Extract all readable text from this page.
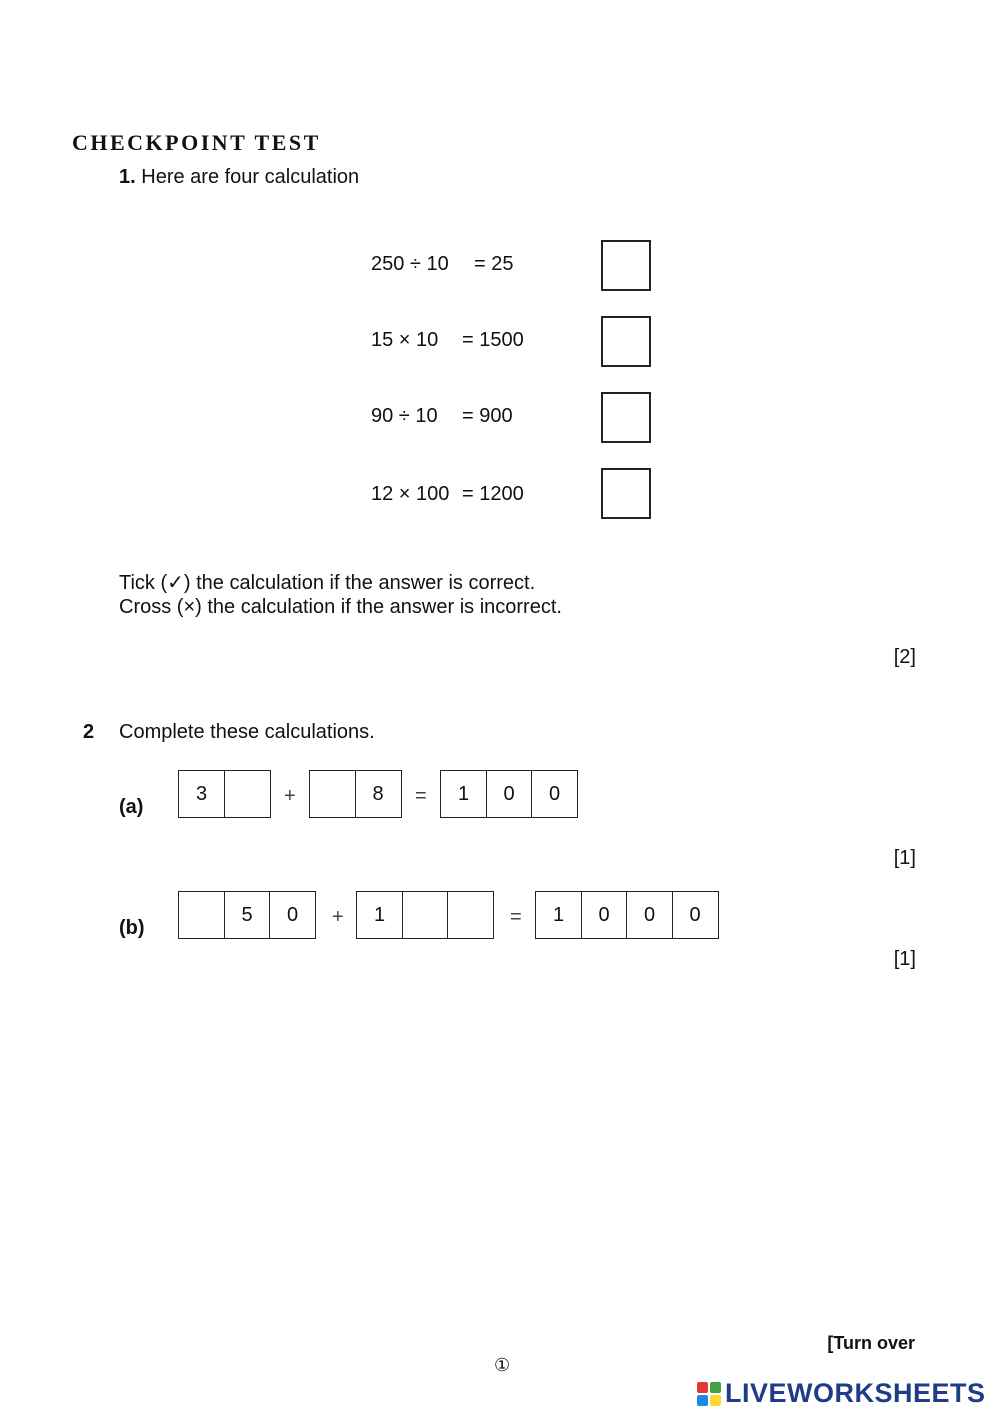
CHECKPOINT TEST
1. Here are four calculation
250 ÷ 10 = 25
15 × 10 = 1500
90 ÷ 10 = 900
12 × 100 = 1200
Tick (✓) the calculation if the answer is correct.
Cross (×) the calculation if the answer is incorrect.
[2]
2 Complete these calculations.
(a)
3	+	8	=	1	0	0
[1]
(b)
5	0	+	1	=	1	0	0	0
[1]
[Turn over
①
LIVEWORKSHEETS
